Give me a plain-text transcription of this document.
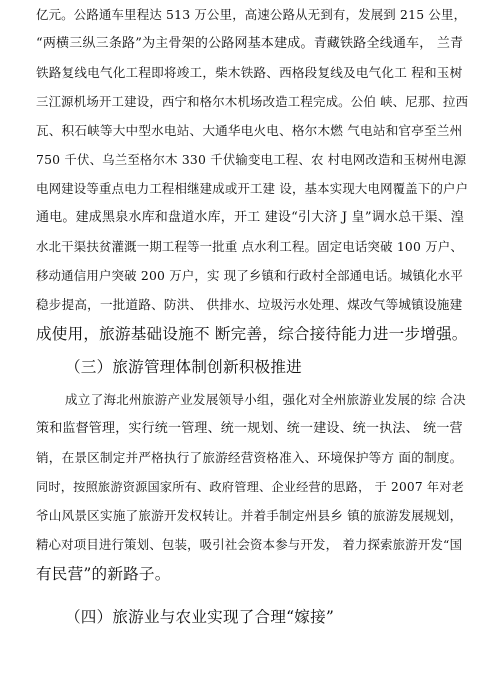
亿元。公路通车里程达 513 万公里，高速公路从无到有，发展到 215 公里，
“两横三纵三条路”为主骨架的公路网基本建成。青藏铁路全线通车， 兰青
铁路复线电气化工程即将竣工，柴木铁路、西格段复线及电气化工 程和玉树
三江源机场开工建设，西宁和格尔木机场改造工程完成。公伯 峡、尼那、拉西
瓦、积石峡等大中型水电站、大通华电火电、格尔木燃 气电站和官亭至兰州
750 千伏、乌兰至格尔木 330 千伏输变电工程、农 村电网改造和玉树州电源
电网建设等重点电力工程相继建成或开工建 设，基本实现大电网覆盖下的户户
通电。建成黑泉水库和盘道水库，开工 建设“引大济 J 皇”调水总干渠、湟
水北干渠扶贫灌溉一期工程等一批重 点水利工程。固定电话突破 100 万户、
移动通信用户突破 200 万户，实 现了乡镇和行政村全部通电话。城镇化水平
稳步提高，一批道路、防洪、 供排水、垃圾污水处理、煤改气等城镇设施建
成使用，旅游基础设施不 断完善，综合接待能力进一步增强。
（三）旅游管理体制创新积极推进
成立了海北州旅游产业发展领导小组，强化对全州旅游业发展的综 合决
策和监督管理，实行统一管理、统一规划、统一建设、统一执法、 统一营
销，在景区制定并严格执行了旅游经营资格准入、环境保护等方 面的制度。
同时，按照旅游资源国家所有、政府管理、企业经营的思路， 于 2007 年对老
爷山风景区实施了旅游开发权转让。并着手制定州县乡 镇的旅游发展规划，
精心对项目进行策划、包装，吸引社会资本参与开发， 着力探索旅游开发“国
有民营”的新路子。
（四）旅游业与农业实现了合理“嫁接”
